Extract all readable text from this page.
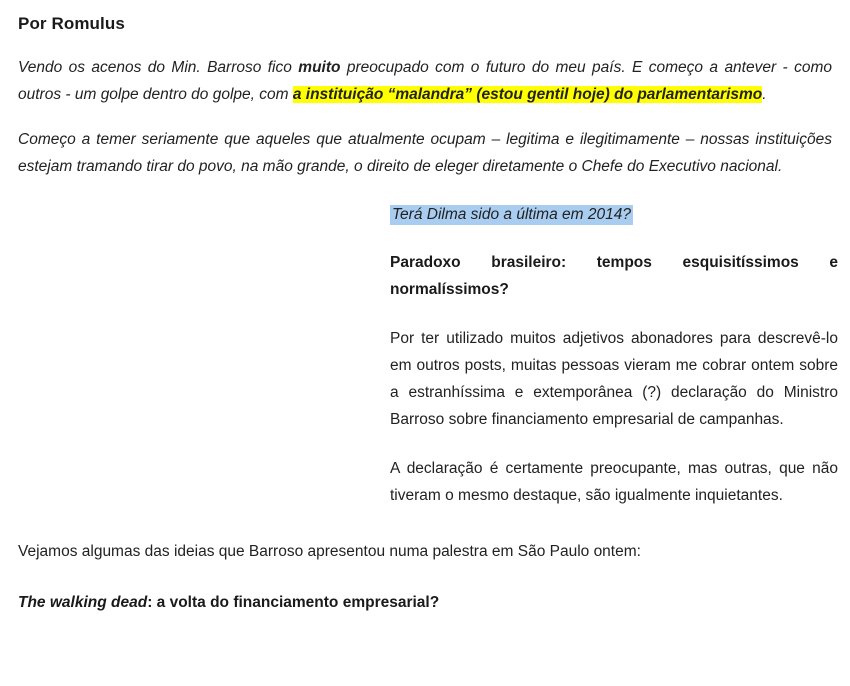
Por Romulus

Vendo os acenos do Min. Barroso fico muito preocupado com o futuro do meu país. E começo a antever - como outros - um golpe dentro do golpe, com a instituição “malandra” (estou gentil hoje) do parlamentarismo.

Começo a temer seriamente que aqueles que atualmente ocupam – legitima e ilegitimamente – nossas instituições estejam tramando tirar do povo, na mão grande, o direito de eleger diretamente o Chefe do Executivo nacional.

Terá Dilma sido a última em 2014?

Paradoxo brasileiro: tempos esquisitíssimos e normalíssimos?

Por ter utilizado muitos adjetivos abonadores para descrevê-lo em outros posts, muitas pessoas vieram me cobrar ontem sobre a estranhíssima e extemporânea (?) declaração do Ministro Barroso sobre financiamento empresarial de campanhas.

A declaração é certamente preocupante, mas outras, que não tiveram o mesmo destaque, são igualmente inquietantes.

Vejamos algumas das ideias que Barroso apresentou numa palestra em São Paulo ontem:

The walking dead: a volta do financiamento empresarial?
